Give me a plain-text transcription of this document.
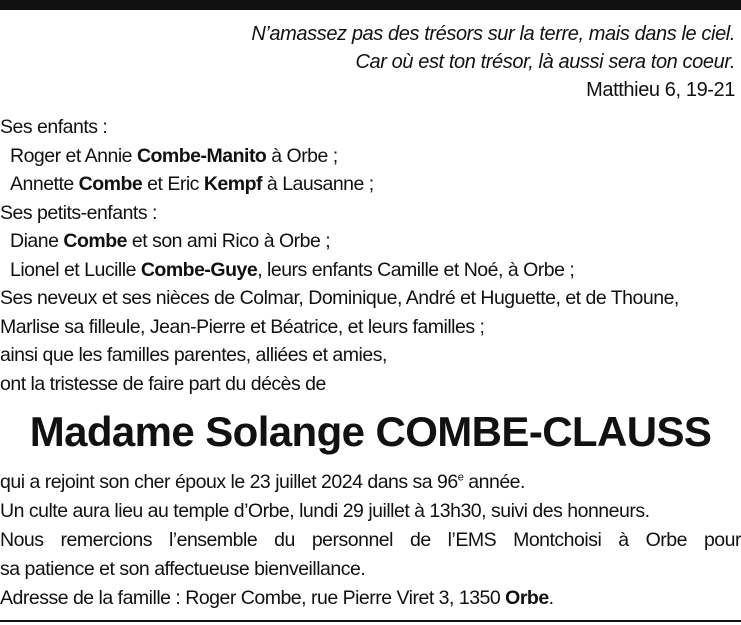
N’amassez pas des trésors sur la terre, mais dans le ciel.
Car où est ton trésor, là aussi sera ton coeur.
Matthieu 6, 19-21
Ses enfants :
Roger et Annie Combe-Manito à Orbe ;
Annette Combe et Eric Kempf à Lausanne ;
Ses petits-enfants :
Diane Combe et son ami Rico à Orbe ;
Lionel et Lucille Combe-Guye, leurs enfants Camille et Noé, à Orbe ;
Ses neveux et ses nièces de Colmar, Dominique, André et Huguette, et de Thoune,
Marlise sa filleule, Jean-Pierre et Béatrice, et leurs familles ;
ainsi que les familles parentes, alliées et amies,
ont la tristesse de faire part du décès de
Madame Solange COMBE-CLAUSS
qui a rejoint son cher époux le 23 juillet 2024 dans sa 96e année.
Un culte aura lieu au temple d’Orbe, lundi 29 juillet à 13h30, suivi des honneurs.
Nous remercions l’ensemble du personnel de l’EMS Montchoisi à Orbe pour
sa patience et son affectueuse bienveillance.
Adresse de la famille : Roger Combe, rue Pierre Viret 3, 1350 Orbe.
